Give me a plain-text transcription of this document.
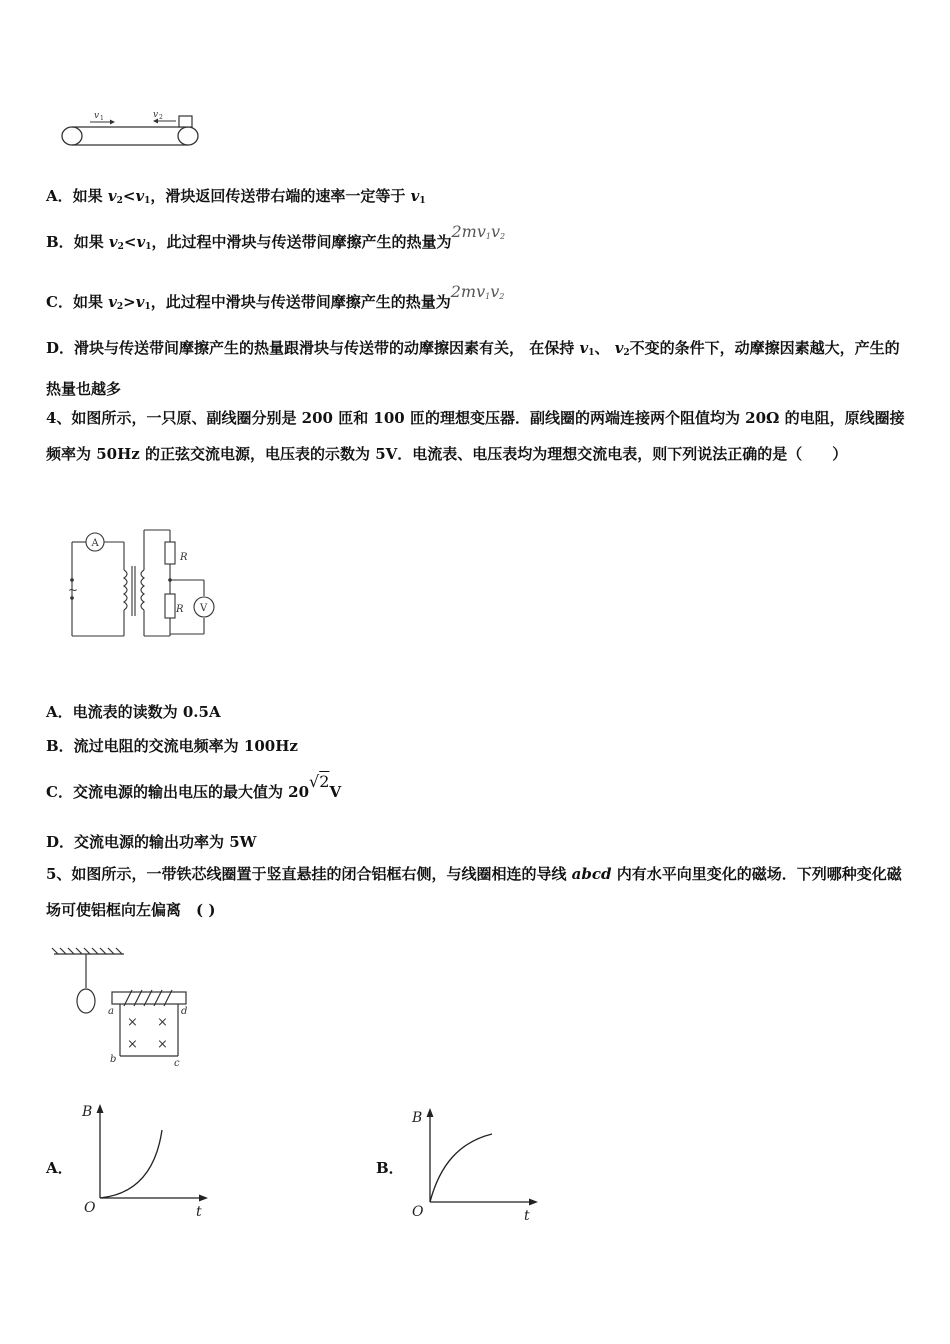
v 1	v 2
A．如果 $v_2<v_1$，滑块返回传送带右端的速率一定等于 $v_1$
B．如果 $v_2<v_1$，此过程中滑块与传送带间摩擦产生的热量为$2mv_1v_2$
C．如果 $v_2>v_1$，此过程中滑块与传送带间摩擦产生的热量为$2mv_1v_2$
D．滑块与传送带间摩擦产生的热量跟滑块与传送带的动摩擦因素有关， 在保持 $v_1$、 $v_2$不变的条件下，动摩擦因素越大，产生的热量也越多
4、如图所示，一只原、副线圈分别是 200 匝和 100 匝的理想变压器．副线圈的两端连接两个阻值均为 20Ω 的电阻，原线圈接频率为 50Hz 的正弦交流电源，电压表的示数为 5V．电流表、电压表均为理想交流电表，则下列说法正确的是（　　）
A
V
R
R
~
A．电流表的读数为 0.5A
B．流过电阻的交流电频率为 100Hz
C．交流电源的输出电压的最大值为 20√2V
D．交流电源的输出功率为 5W
5、如图所示，一带铁芯线圈置于竖直悬挂的闭合铝框右侧，与线圈相连的导线 abcd 内有水平向里变化的磁场．下列哪种变化磁场可使铝框向左偏离　( )
a	d
b	c
× ×
× ×
A．
B
t
O
B．
B
t
O
